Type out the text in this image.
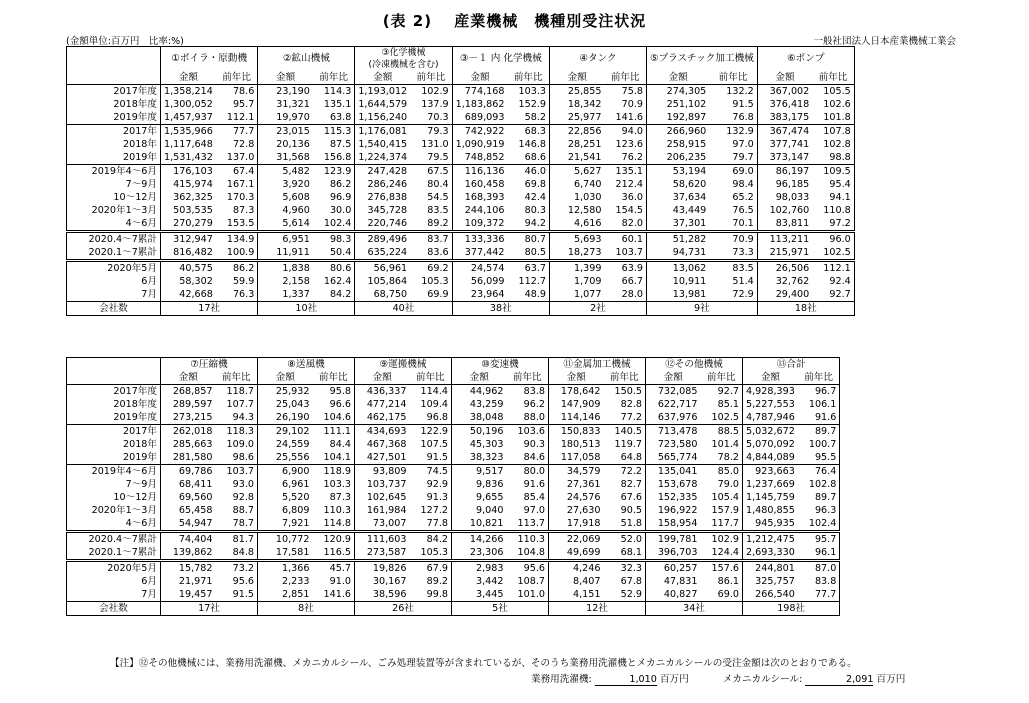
(表 2)　 産業機械　機種別受注状況
(金額単位:百万円　比率:%)	一般社団法人日本産業機械工業会
	①ボイラ・原動機		②鉱山機械		③化学機械
(冷凍機械を含む)		③－１ 内 化学機械		④タンク		⑤プラスチック加工機械		⑥ポンプ	
	金額	前年比	金額	前年比	金額	前年比	金額	前年比	金額	前年比	金額	前年比	金額	前年比
2017年度	1,358,214	78.6	23,190	114.3	1,193,012	102.9	774,168	103.3	25,855	75.8	274,305	132.2	367,002	105.5
2018年度	1,300,052	95.7	31,321	135.1	1,644,579	137.9	1,183,862	152.9	18,342	70.9	251,102	91.5	376,418	102.6
2019年度	1,457,937	112.1	19,970	63.8	1,156,240	70.3	689,093	58.2	25,977	141.6	192,897	76.8	383,175	101.8
2017年	1,535,966	77.7	23,015	115.3	1,176,081	79.3	742,922	68.3	22,856	94.0	266,960	132.9	367,474	107.8
2018年	1,117,648	72.8	20,136	87.5	1,540,415	131.0	1,090,919	146.8	28,251	123.6	258,915	97.0	377,741	102.8
2019年	1,531,432	137.0	31,568	156.8	1,224,374	79.5	748,852	68.6	21,541	76.2	206,235	79.7	373,147	98.8
2019年4～6月	176,103	67.4	5,482	123.9	247,428	67.5	116,136	46.0	5,627	135.1	53,194	69.0	86,197	109.5
7～9月	415,974	167.1	3,920	86.2	286,246	80.4	160,458	69.8	6,740	212.4	58,620	98.4	96,185	95.4
10～12月	362,325	170.3	5,608	96.9	276,838	54.5	168,393	42.4	1,030	36.0	37,634	65.2	98,033	94.1
2020年1～3月	503,535	87.3	4,960	30.0	345,728	83.5	244,106	80.3	12,580	154.5	43,449	76.5	102,760	110.8
4～6月	270,279	153.5	5,614	102.4	220,746	89.2	109,372	94.2	4,616	82.0	37,301	70.1	83,811	97.2
2020.4～7累計	312,947	134.9	6,951	98.3	289,496	83.7	133,336	80.7	5,693	60.1	51,282	70.9	113,211	96.0
2020.1～7累計	816,482	100.9	11,911	50.4	635,224	83.6	377,442	80.5	18,273	103.7	94,731	73.3	215,971	102.5
2020年5月	40,575	86.2	1,838	80.6	56,961	69.2	24,574	63.7	1,399	63.9	13,062	83.5	26,506	112.1
6月	58,302	59.9	2,158	162.4	105,864	105.3	56,099	112.7	1,709	66.7	10,911	51.4	32,762	92.4
7月	42,668	76.3	1,337	84.2	68,750	69.9	23,964	48.9	1,077	28.0	13,981	72.9	29,400	92.7
会社数	17社		10社		40社		38社		2社		9社		18社	
	⑦圧縮機		⑧送風機		⑨運搬機械		⑩変速機		⑪金属加工機械		⑫その他機械		⑬合計	
	金額	前年比	金額	前年比	金額	前年比	金額	前年比	金額	前年比	金額	前年比	金額	前年比
2017年度	268,857	118.7	25,932	95.8	436,337	114.4	44,962	83.8	178,642	150.5	732,085	92.7	4,928,393	96.7
2018年度	289,597	107.7	25,043	96.6	477,214	109.4	43,259	96.2	147,909	82.8	622,717	85.1	5,227,553	106.1
2019年度	273,215	94.3	26,190	104.6	462,175	96.8	38,048	88.0	114,146	77.2	637,976	102.5	4,787,946	91.6
2017年	262,018	118.3	29,102	111.1	434,693	122.9	50,196	103.6	150,833	140.5	713,478	88.5	5,032,672	89.7
2018年	285,663	109.0	24,559	84.4	467,368	107.5	45,303	90.3	180,513	119.7	723,580	101.4	5,070,092	100.7
2019年	281,580	98.6	25,556	104.1	427,501	91.5	38,323	84.6	117,058	64.8	565,774	78.2	4,844,089	95.5
2019年4～6月	69,786	103.7	6,900	118.9	93,809	74.5	9,517	80.0	34,579	72.2	135,041	85.0	923,663	76.4
7～9月	68,411	93.0	6,961	103.3	103,737	92.9	9,836	91.6	27,361	82.7	153,678	79.0	1,237,669	102.8
10～12月	69,560	92.8	5,520	87.3	102,645	91.3	9,655	85.4	24,576	67.6	152,335	105.4	1,145,759	89.7
2020年1～3月	65,458	88.7	6,809	110.3	161,984	127.2	9,040	97.0	27,630	90.5	196,922	157.9	1,480,855	96.3
4～6月	54,947	78.7	7,921	114.8	73,007	77.8	10,821	113.7	17,918	51.8	158,954	117.7	945,935	102.4
2020.4～7累計	74,404	81.7	10,772	120.9	111,603	84.2	14,266	110.3	22,069	52.0	199,781	102.9	1,212,475	95.7
2020.1～7累計	139,862	84.8	17,581	116.5	273,587	105.3	23,306	104.8	49,699	68.1	396,703	124.4	2,693,330	96.1
2020年5月	15,782	73.2	1,366	45.7	19,826	67.9	2,983	95.6	4,246	32.3	60,257	157.6	244,801	87.0
6月	21,971	95.6	2,233	91.0	30,167	89.2	3,442	108.7	8,407	67.8	47,831	86.1	325,757	83.8
7月	19,457	91.5	2,851	141.6	38,596	99.8	3,445	101.0	4,151	52.9	40,827	69.0	266,540	77.7
会社数	17社		8社		26社		5社		12社		34社		198社	
【注】⑫その他機械には、業務用洗濯機、メカニカルシール、ごみ処理装置等が含まれているが、そのうち業務用洗濯機とメカニカルシールの受注金額は次のとおりである。
業務用洗濯機:	1,010 百万円	メカニカルシール:	2,091 百万円
